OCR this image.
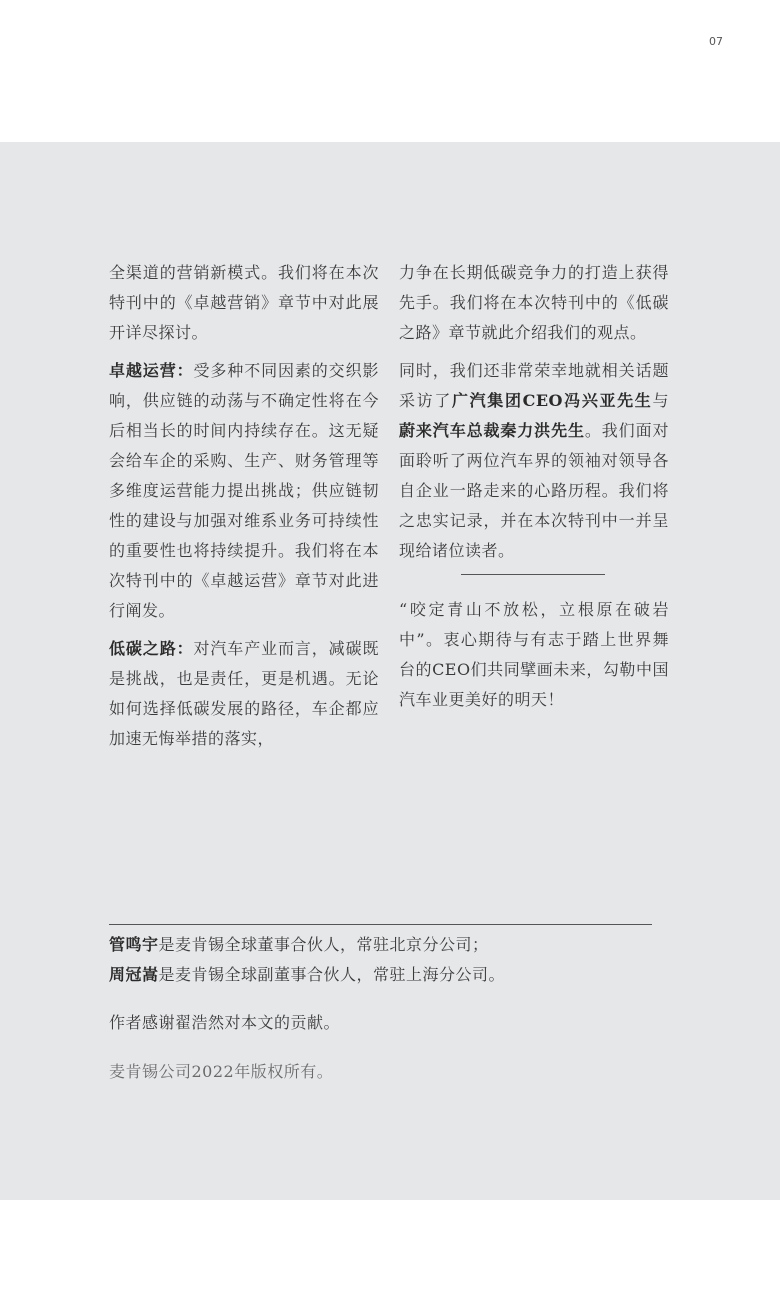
07

全渠道的营销新模式。我们将在本次特刊中的《卓越营销》章节中对此展开详尽探讨。

卓越运营：受多种不同因素的交织影响，供应链的动荡与不确定性将在今后相当长的时间内持续存在。这无疑会给车企的采购、生产、财务管理等多维度运营能力提出挑战；供应链韧性的建设与加强对维系业务可持续性的重要性也将持续提升。我们将在本次特刊中的《卓越运营》章节对此进行阐发。

低碳之路：对汽车产业而言，减碳既是挑战，也是责任，更是机遇。无论如何选择低碳发展的路径，车企都应加速无悔举措的落实，

力争在长期低碳竞争力的打造上获得先手。我们将在本次特刊中的《低碳之路》章节就此介绍我们的观点。

同时，我们还非常荣幸地就相关话题采访了广汽集团CEO冯兴亚先生与蔚来汽车总裁秦力洪先生。我们面对面聆听了两位汽车界的领袖对领导各自企业一路走来的心路历程。我们将之忠实记录，并在本次特刊中一并呈现给诸位读者。

“咬定青山不放松，立根原在破岩中”。衷心期待与有志于踏上世界舞台的CEO们共同擘画未来，勾勒中国汽车业更美好的明天！

管鸣宇是麦肯锡全球董事合伙人，常驻北京分公司；

周冠嵩是麦肯锡全球副董事合伙人，常驻上海分公司。

作者感谢翟浩然对本文的贡献。
麦肯锡公司2022年版权所有。
